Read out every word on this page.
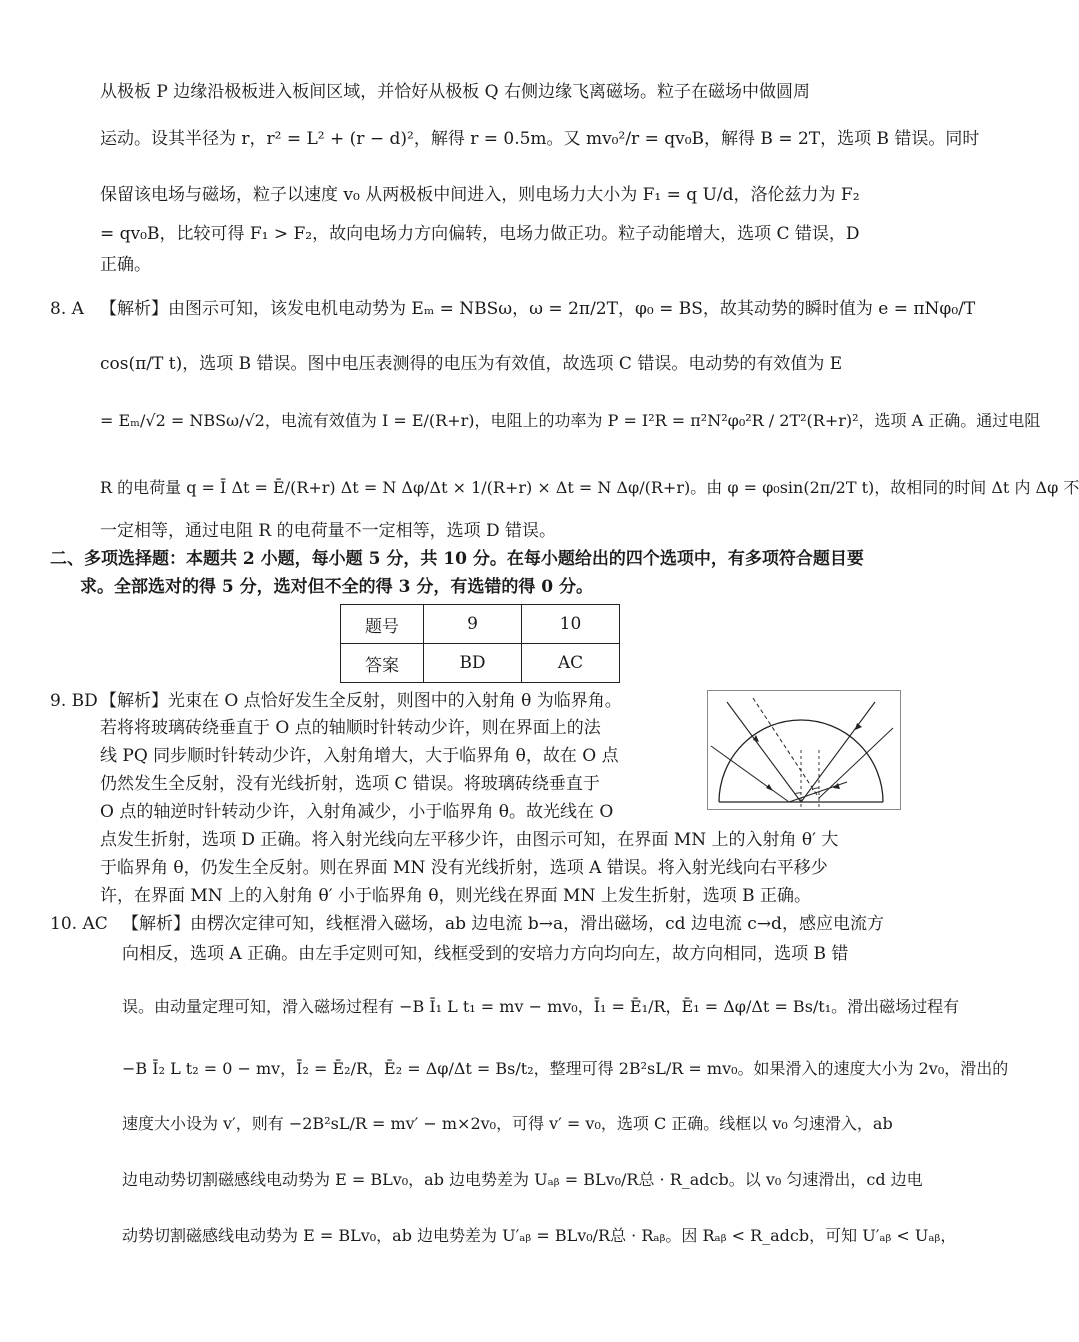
从极板 P 边缘沿极板进入板间区域，并恰好从极板 Q 右侧边缘飞离磁场。粒子在磁场中做圆周
运动。设其半径为 r，r² = L² + (r − d)²，解得 r = 0.5m。又 mv₀²/r = qv₀B，解得 B = 2T，选项 B 错误。同时
保留该电场与磁场，粒子以速度 v₀ 从两极板中间进入，则电场力大小为 F₁ = q U/d，洛伦兹力为 F₂
= qv₀B，比较可得 F₁ > F₂，故向电场力方向偏转，电场力做正功。粒子动能增大，选项 C 错误，D
正确。
8. A 【解析】由图示可知，该发电机电动势为 Eₘ = NBSω，ω = 2π/2T，φ₀ = BS，故其动势的瞬时值为 e = πNφ₀/T
cos(π/T t)，选项 B 错误。图中电压表测得的电压为有效值，故选项 C 错误。电动势的有效值为 E
= Eₘ/√2 = NBSω/√2，电流有效值为 I = E/(R+r)，电阻上的功率为 P = I²R = π²N²φ₀²R / 2T²(R+r)²，选项 A 正确。通过电阻
R 的电荷量 q = Ī Δt = Ē/(R+r) Δt = N Δφ/Δt × 1/(R+r) × Δt = N Δφ/(R+r)。由 φ = φ₀sin(2π/2T t)，故相同的时间 Δt 内 Δφ 不
一定相等，通过电阻 R 的电荷量不一定相等，选项 D 错误。
二、多项选择题：本题共 2 小题，每小题 5 分，共 10 分。在每小题给出的四个选项中，有多项符合题目要
求。全部选对的得 5 分，选对但不全的得 3 分，有选错的得 0 分。
题号	9	10
答案	BD	AC
9. BD 【解析】光束在 O 点恰好发生全反射，则图中的入射角 θ 为临界角。
若将将玻璃砖绕垂直于 O 点的轴顺时针转动少许，则在界面上的法
线 PQ 同步顺时针转动少许，入射角增大，大于临界角 θ，故在 O 点
仍然发生全反射，没有光线折射，选项 C 错误。将玻璃砖绕垂直于
O 点的轴逆时针转动少许，入射角减少，小于临界角 θ。故光线在 O
点发生折射，选项 D 正确。将入射光线向左平移少许，由图示可知，在界面 MN 上的入射角 θ′ 大
于临界角 θ，仍发生全反射。则在界面 MN 没有光线折射，选项 A 错误。将入射光线向右平移少
许，在界面 MN 上的入射角 θ′ 小于临界角 θ，则光线在界面 MN 上发生折射，选项 B 正确。
10. AC 【解析】由楞次定律可知，线框滑入磁场，ab 边电流 b→a，滑出磁场，cd 边电流 c→d，感应电流方
向相反，选项 A 正确。由左手定则可知，线框受到的安培力方向均向左，故方向相同，选项 B 错
误。由动量定理可知，滑入磁场过程有 −B Ī₁ L t₁ = mv − mv₀，Ī₁ = Ē₁/R，Ē₁ = Δφ/Δt = Bs/t₁。滑出磁场过程有
−B Ī₂ L t₂ = 0 − mv，Ī₂ = Ē₂/R，Ē₂ = Δφ/Δt = Bs/t₂，整理可得 2B²sL/R = mv₀。如果滑入的速度大小为 2v₀，滑出的
速度大小设为 v′，则有 −2B²sL/R = mv′ − m×2v₀，可得 v′ = v₀，选项 C 正确。线框以 v₀ 匀速滑入，ab
边电动势切割磁感线电动势为 E = BLv₀，ab 边电势差为 Uₐᵦ = BLv₀/R总 · R_adcb。以 v₀ 匀速滑出，cd 边电
动势切割磁感线电动势为 E = BLv₀，ab 边电势差为 U′ₐᵦ = BLv₀/R总 · Rₐᵦ。因 Rₐᵦ < R_adcb，可知 U′ₐᵦ < Uₐᵦ，
